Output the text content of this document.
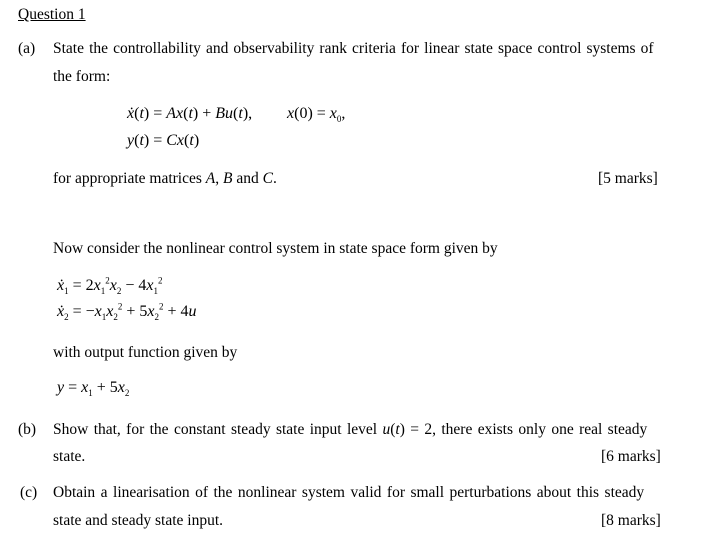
Question 1
(a) State the controllability and observability rank criteria for linear state space control systems of
the form:
ẋ(t) = Ax(t) + Bu(t), $x(0) = x_0$,
y(t) = Cx(t)
for appropriate matrices A, B and C.	[5 marks]
Now consider the nonlinear control system in state space form given by
ẋ$_1$ = $2x_1^2x_2 - 4x_1^2$
ẋ$_2$ = $-x_1x_2^2 + 5x_2^2 + 4u$
with output function given by
$y = x_1 + 5x_2$
(b) Show that, for the constant steady state input level u(t) = 2, there exists only one real steady
state.	[6 marks]
(c) Obtain a linearisation of the nonlinear system valid for small perturbations about this steady
state and steady state input.	[8 marks]
